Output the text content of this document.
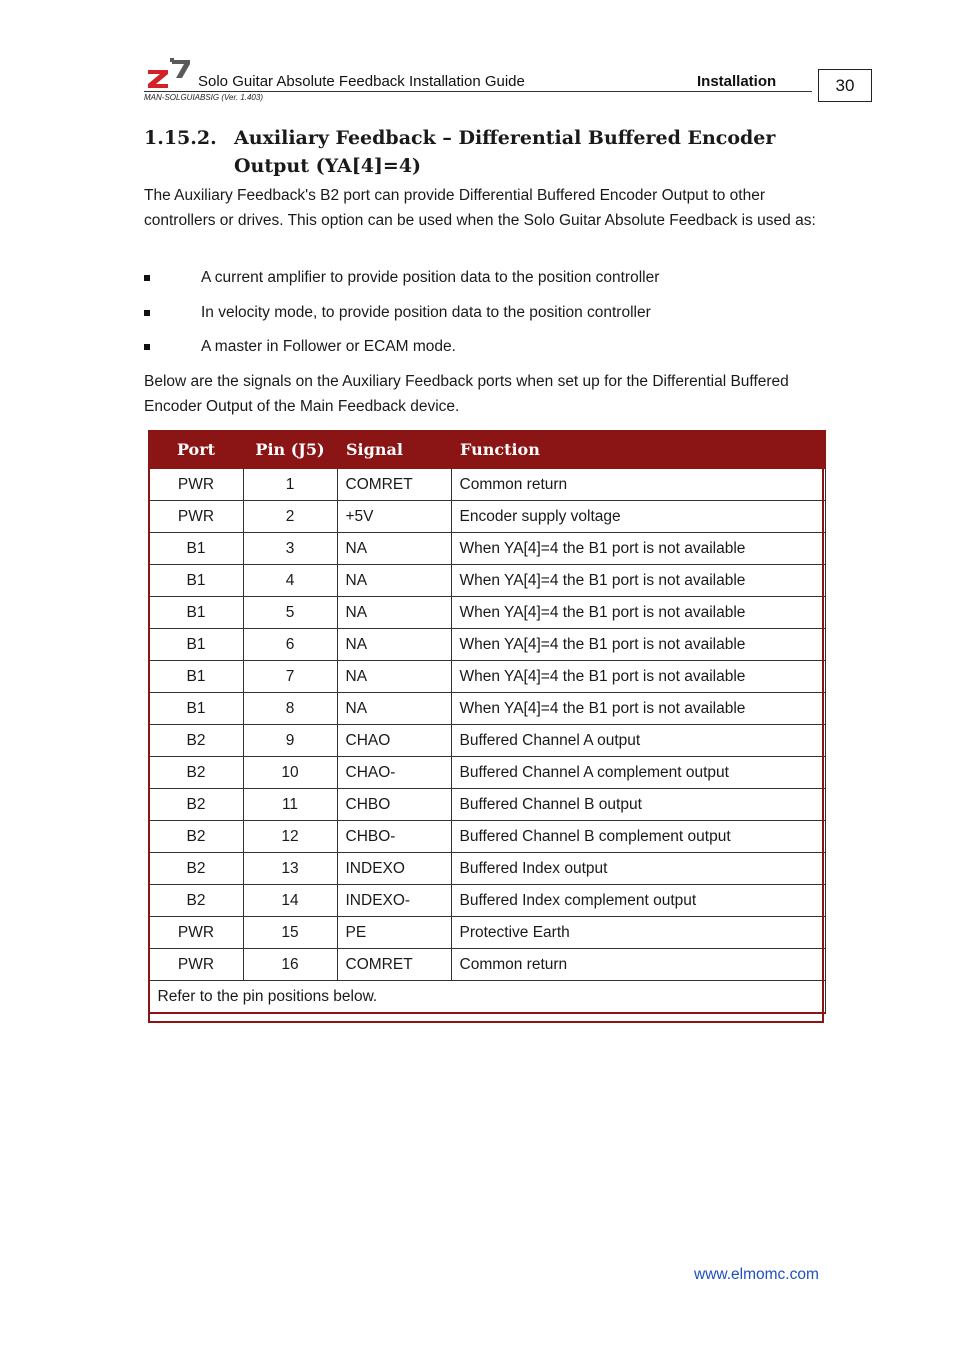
Solo Guitar Absolute Feedback Installation Guide	Installation
MAN-SOLGUIABSIG (Ver. 1.403)
30
1.15.2. Auxiliary Feedback – Differential Buffered Encoder Output (YA[4]=4)
The Auxiliary Feedback's B2 port can provide Differential Buffered Encoder Output to other controllers or drives. This option can be used when the Solo Guitar Absolute Feedback is used as:
A current amplifier to provide position data to the position controller
In velocity mode, to provide position data to the position controller
A master in Follower or ECAM mode.
Below are the signals on the Auxiliary Feedback ports when set up for the Differential Buffered Encoder Output of the Main Feedback device.
Port	Pin (J5)	Signal	Function
PWR	1	COMRET	Common return
PWR	2	+5V	Encoder supply voltage
B1	3	NA	When YA[4]=4 the B1 port is not available
B1	4	NA	When YA[4]=4 the B1 port is not available
B1	5	NA	When YA[4]=4 the B1 port is not available
B1	6	NA	When YA[4]=4 the B1 port is not available
B1	7	NA	When YA[4]=4 the B1 port is not available
B1	8	NA	When YA[4]=4 the B1 port is not available
B2	9	CHAO	Buffered Channel A output
B2	10	CHAO-	Buffered Channel A complement output
B2	11	CHBO	Buffered Channel B output
B2	12	CHBO-	Buffered Channel B complement output
B2	13	INDEXO	Buffered Index output
B2	14	INDEXO-	Buffered Index complement output
PWR	15	PE	Protective Earth
PWR	16	COMRET	Common return
Refer to the pin positions below.			
www.elmomc.com
